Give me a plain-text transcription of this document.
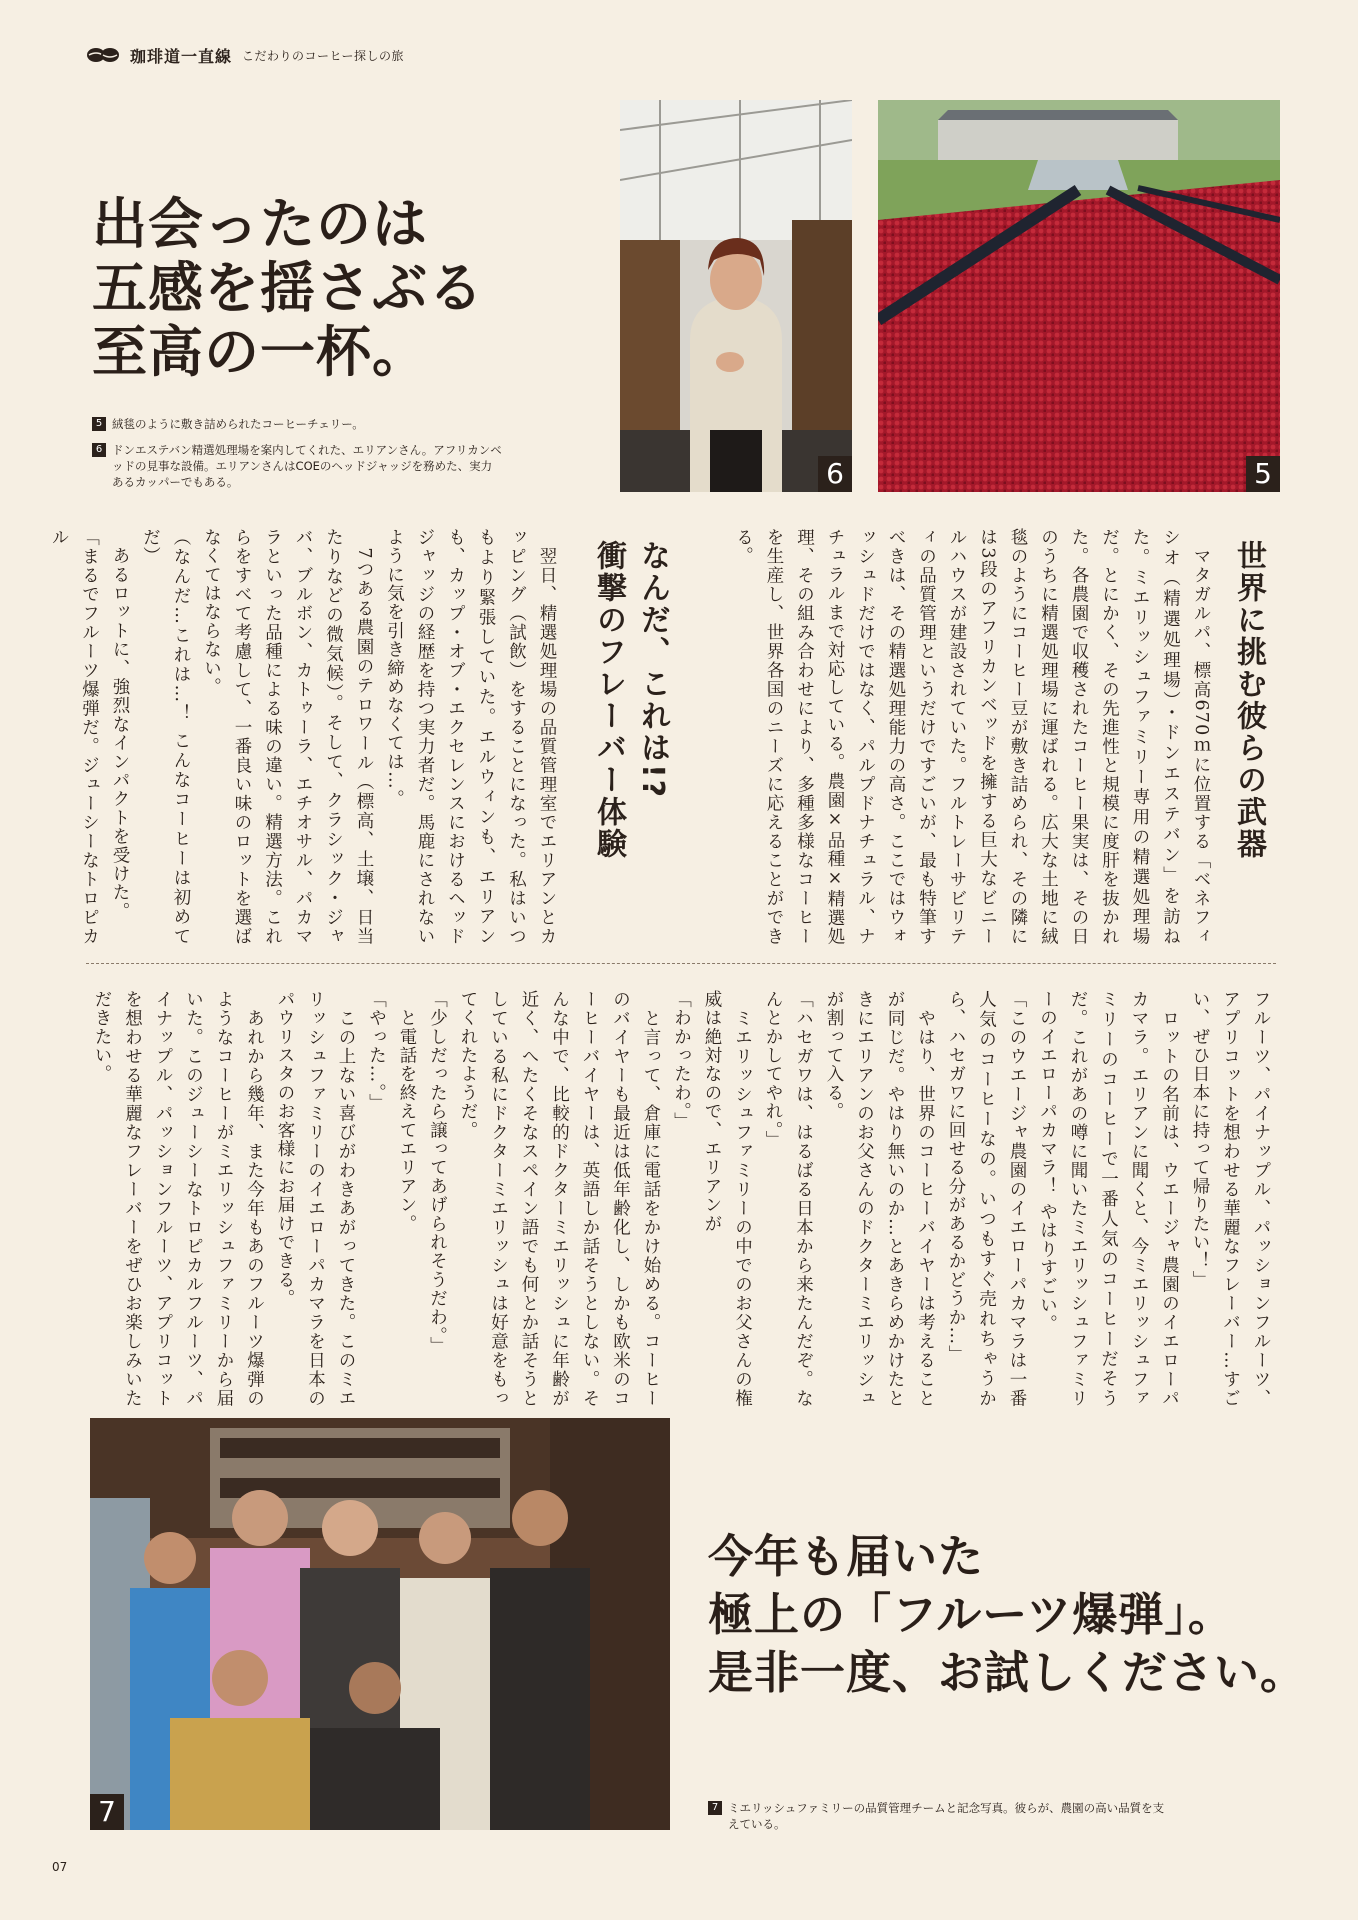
珈琲道一直線 こだわりのコーヒー探しの旅
出会ったのは
五感を揺さぶる
至高の一杯。
5 絨毯のように敷き詰められたコーヒーチェリー。
6 ドンエステバン精選処理場を案内してくれた、エリアンさん。アフリカンベッドの見事な設備。エリアンさんはCOEのヘッドジャッジを務めた、実力あるカッパーでもある。	6	5
世界に挑む彼らの武器

　マタガルパ、標高670ｍに位置する「ベネフィシオ（精選処理場）・ドンエステバン」を訪ねた。ミエリッシュファミリー専用の精選処理場だ。とにかく、その先進性と規模に度肝を抜かれた。各農園で収穫されたコーヒー果実は、その日のうちに精選処理場に運ばれる。広大な土地に絨毯のようにコーヒー豆が敷き詰められ、その隣には3段のアフリカンベッドを擁する巨大なビニールハウスが建設されていた。フルトレーサビリティの品質管理というだけですごいが、最も特筆すべきは、その精選処理能力の高さ。ここではウォッシュドだけではなく、パルプドナチュラル、ナチュラルまで対応している。農園×品種×精選処理、その組み合わせにより、多種多様なコーヒーを生産し、世界各国のニーズに応えることができる。

なんだ、これは!?
衝撃のフレーバー体験

　翌日、精選処理場の品質管理室でエリアンとカッピング（試飲）をすることになった。私はいつもより緊張していた。エルウィンも、エリアンも、カップ・オブ・エクセレンスにおけるヘッドジャッジの経歴を持つ実力者だ。馬鹿にされないように気を引き締めなくては…。

　7つある農園のテロワール（標高、土壌、日当たりなどの微気候）。そして、クラシック・ジャバ、ブルボン、カトゥーラ、エチオサル、パカマラといった品種による味の違い。精選方法。これらをすべて考慮して、一番良い味のロットを選ばなくてはならない。

（なんだ…これは…！ こんなコーヒーは初めてだ）

　あるロットに、強烈なインパクトを受けた。

「まるでフルーツ爆弾だ。ジューシーなトロピカル

フルーツ、パイナップル、パッションフルーツ、アプリコットを想わせる華麗なフレーバー…すごい、ぜひ日本に持って帰りたい！」

　ロットの名前は、ウエージャ農園のイエローパカマラ。エリアンに聞くと、今ミエリッシュファミリーのコーヒーで一番人気のコーヒーだそうだ。これがあの噂に聞いたミエリッシュファミリーのイエローパカマラ！ やはりすごい。

「このウエージャ農園のイエローパカマラは一番人気のコーヒーなの。いつもすぐ売れちゃうから、ハセガワに回せる分があるかどうか…」

　やはり、世界のコーヒーバイヤーは考えることが同じだ。やはり無いのか…とあきらめかけたときにエリアンのお父さんのドクターミエリッシュが割って入る。

「ハセガワは、はるばる日本から来たんだぞ。なんとかしてやれ。」

　ミエリッシュファミリーの中でのお父さんの権威は絶対なので、エリアンが

「わかったわ。」

　と言って、倉庫に電話をかけ始める。コーヒーのバイヤーも最近は低年齢化し、しかも欧米のコーヒーバイヤーは、英語しか話そうとしない。そんな中で、比較的ドクターミエリッシュに年齢が近く、へたくそなスペイン語でも何とか話そうとしている私にドクターミエリッシュは好意をもってくれたようだ。

「少しだったら譲ってあげられそうだわ。」

　と電話を終えてエリアン。

「やった…。」

　この上ない喜びがわきあがってきた。このミエリッシュファミリーのイエローパカマラを日本のパウリスタのお客様にお届けできる。

　あれから幾年、また今年もあのフルーツ爆弾のようなコーヒーがミエリッシュファミリーから届いた。このジューシーなトロピカルフルーツ、パイナップル、パッションフルーツ、アプリコットを想わせる華麗なフレーバーをぜひお楽しみいただきたい。

7
今年も届いた
極上の「フルーツ爆弾」。
是非一度、お試しください。
7 ミエリッシュファミリーの品質管理チームと記念写真。彼らが、農園の高い品質を支えている。
07
